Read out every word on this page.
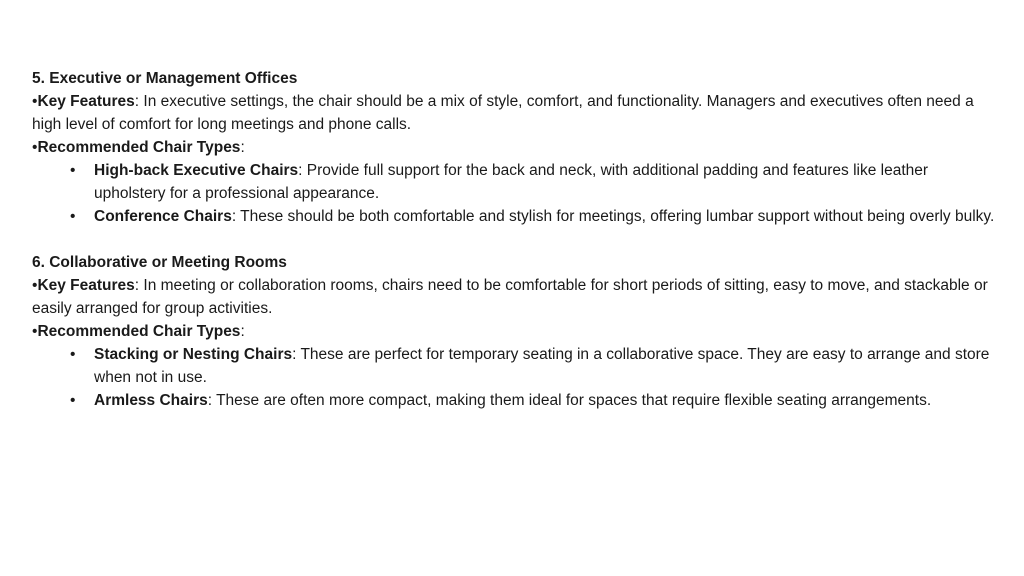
5. Executive or Management Offices

•Key Features: In executive settings, the chair should be a mix of style, comfort, and functionality. Managers and executives often need a high level of comfort for long meetings and phone calls.

•Recommended Chair Types:

• High-back Executive Chairs: Provide full support for the back and neck, with additional padding and features like leather upholstery for a professional appearance.
• Conference Chairs: These should be both comfortable and stylish for meetings, offering lumbar support without being overly bulky.

6. Collaborative or Meeting Rooms

•Key Features: In meeting or collaboration rooms, chairs need to be comfortable for short periods of sitting, easy to move, and stackable or easily arranged for group activities.

•Recommended Chair Types:

• Stacking or Nesting Chairs: These are perfect for temporary seating in a collaborative space. They are easy to arrange and store when not in use.
• Armless Chairs: These are often more compact, making them ideal for spaces that require flexible seating arrangements.
